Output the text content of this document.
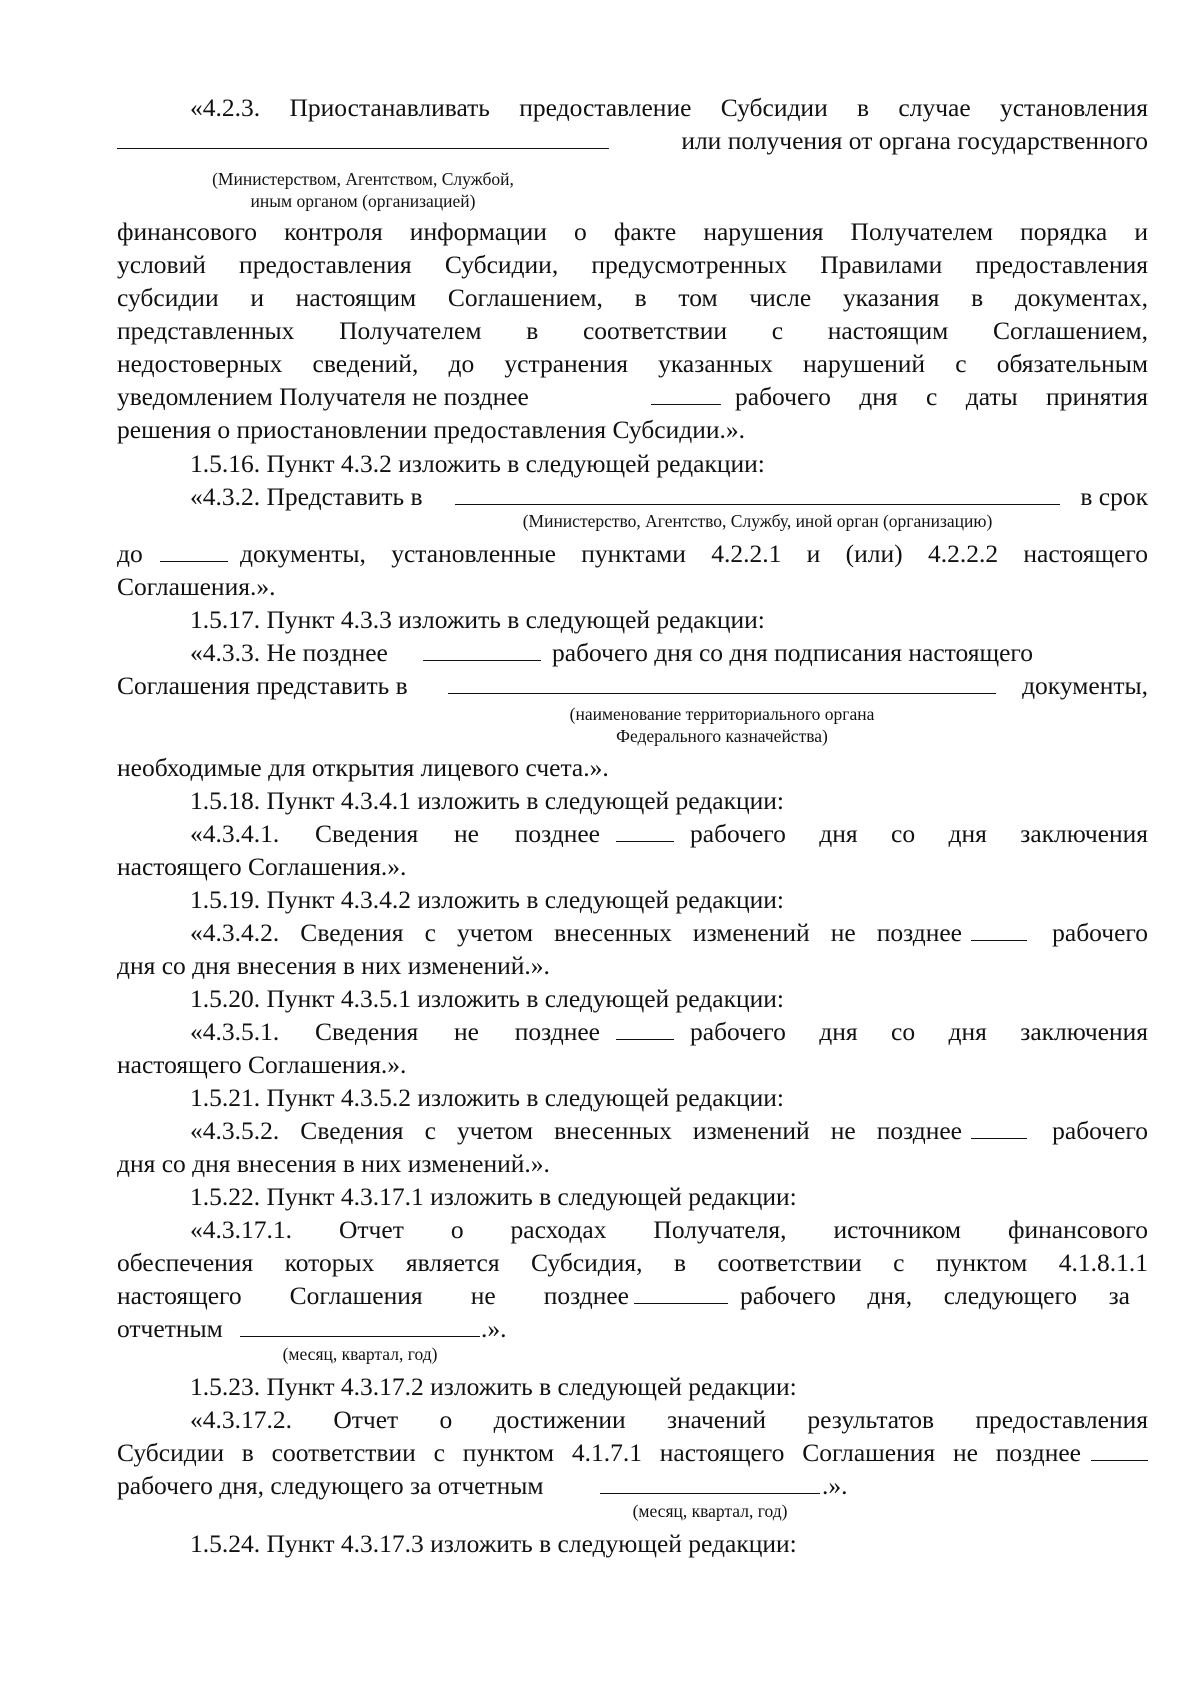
«4.2.3. Приостанавливать предоставление Субсидии в случае установления
или получения от органа государственного
(Министерством, Агентством, Службой,
иным органом (организацией)
финансового контроля информации о факте нарушения Получателем порядка и
условий предоставления Субсидии, предусмотренных Правилами предоставления
субсидии и настоящим Соглашением, в том числе указания в документах,
представленных Получателем в соответствии с настоящим Соглашением,
недостоверных сведений, до устранения указанных нарушений с обязательным
уведомлением Получателя не позднее	рабочего дня с даты принятия
решения о приостановлении предоставления Субсидии.».
1.5.16. Пункт 4.3.2 изложить в следующей редакции:
«4.3.2. Представить в	в срок
(Министерство, Агентство, Службу, иной орган (организацию)
до	документы, установленные пунктами 4.2.2.1 и (или) 4.2.2.2 настоящего
Соглашения.».
1.5.17. Пункт 4.3.3 изложить в следующей редакции:
«4.3.3. Не позднее	рабочего дня со дня подписания настоящего
Соглашения представить в	документы,
(наименование территориального органа
Федерального казначейства)
необходимые для открытия лицевого счета.».
1.5.18. Пункт 4.3.4.1 изложить в следующей редакции:
«4.3.4.1. Сведения не позднее	рабочего дня со дня заключения
настоящего Соглашения.».
1.5.19. Пункт 4.3.4.2 изложить в следующей редакции:
«4.3.4.2. Сведения с учетом внесенных изменений не позднее	рабочего
дня со дня внесения в них изменений.».
1.5.20. Пункт 4.3.5.1 изложить в следующей редакции:
«4.3.5.1. Сведения не позднее	рабочего дня со дня заключения
настоящего Соглашения.».
1.5.21. Пункт 4.3.5.2 изложить в следующей редакции:
«4.3.5.2. Сведения с учетом внесенных изменений не позднее	рабочего
дня со дня внесения в них изменений.».
1.5.22. Пункт 4.3.17.1 изложить в следующей редакции:
«4.3.17.1. Отчет о расходах Получателя, источником финансового
обеспечения которых является Субсидия, в соответствии с пунктом 4.1.8.1.1
настоящего Соглашения не позднее	рабочего дня, следующего за
отчетным	.».
(месяц, квартал, год)
1.5.23. Пункт 4.3.17.2 изложить в следующей редакции:
«4.3.17.2. Отчет о достижении значений результатов предоставления
Субсидии в соответствии с пунктом 4.1.7.1 настоящего Соглашения не позднее
рабочего дня, следующего за отчетным	.».
(месяц, квартал, год)
1.5.24. Пункт 4.3.17.3 изложить в следующей редакции:
